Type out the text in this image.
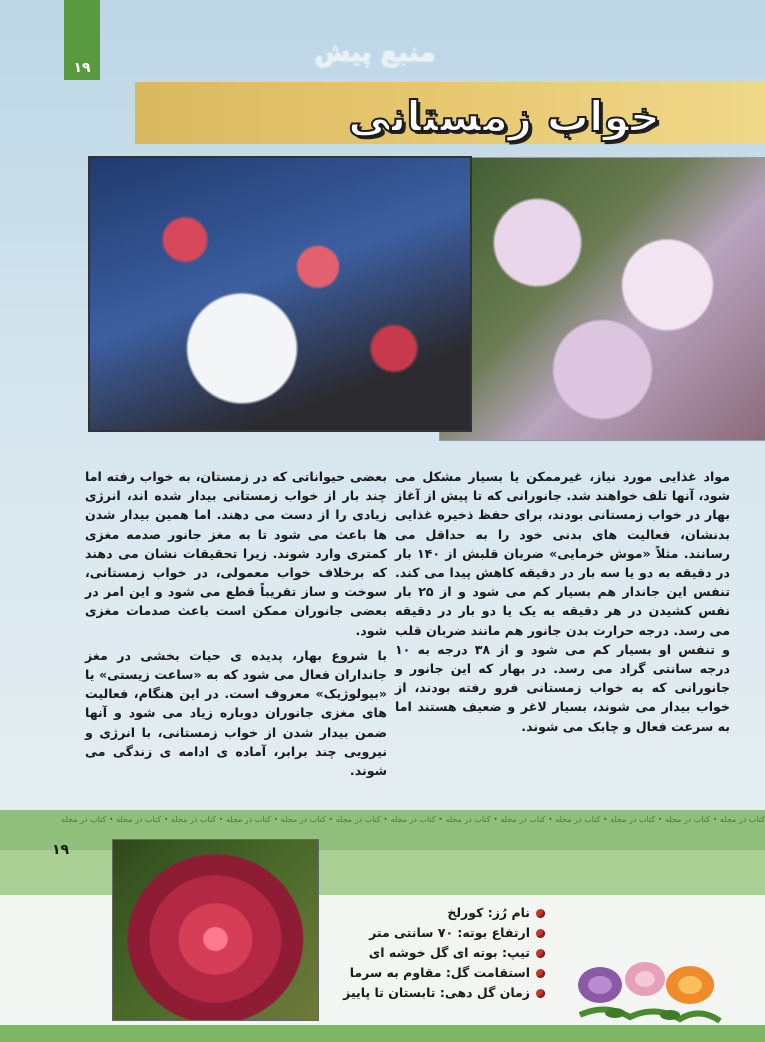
۱۹	منبع پیش
خواب زمستانی

مواد غذایی مورد نیاز، غیرممکن یا بسیار مشکل می شود، آنها تلف خواهند شد. جانورانی که تا پیش از آغاز بهار در خواب زمستانی بودند، برای حفظ ذخیره غذایی بدنشان، فعالیت های بدنی خود را به حداقل می رسانند. مثلاً «موش خرمایی» ضربان قلبش از ۱۴۰ بار در دقیقه به دو یا سه بار در دقیقه کاهش پیدا می کند. تنفس این جاندار هم بسیار کم می شود و از ۲۵ بار نفس کشیدن در هر دقیقه به یک یا دو بار در دقیقه می رسد. درجه حرارت بدن جانور هم مانند ضربان قلب و تنفس او بسیار کم می شود و از ۳۸ درجه به ۱۰ درجه سانتی گراد می رسد. در بهار که این جانور و جانورانی که به خواب زمستانی فرو رفته بودند، از خواب بیدار می شوند، بسیار لاغر و ضعیف هستند اما به سرعت فعال و چابک می شوند.

بعضی حیواناتی که در زمستان، به خواب رفته اما چند بار از خواب زمستانی بیدار شده اند، انرژی زیادی را از دست می دهند. اما همین بیدار شدن ها باعث می شود تا به مغز جانور صدمه مغزی کمتری وارد شوند. زیرا تحقیقات نشان می دهند که برخلاف خواب معمولی، در خواب زمستانی، سوخت و ساز تقریباً قطع می شود و این امر در بعضی جانوران ممکن است باعث صدمات مغزی شود.

با شروع بهار، پدیده ی حیات بخشی در مغز جانداران فعال می شود که به «ساعت زیستی» یا «بیولوژیک» معروف است. در این هنگام، فعالیت های مغزی جانوران دوباره زیاد می شود و آنها ضمن بیدار شدن از خواب زمستانی، با انرژی و نیرویی چند برابر، آماده ی ادامه ی زندگی می شوند.

کتاب در مجله • کتاب در مجله • کتاب در مجله • کتاب در مجله • کتاب در مجله • کتاب در مجله • کتاب در مجله • کتاب در مجله • کتاب در مجله • کتاب در مجله • کتاب در مجله • کتاب در مجله • کتاب در مجله
۱۹
نام رُز: کورلخ
ارتفاع بوته: ۷۰ سانتی متر
تیپ: بوته ای گل خوشه ای
استقامت گل: مقاوم به سرما
زمان گل دهی: تابستان تا پاییز
